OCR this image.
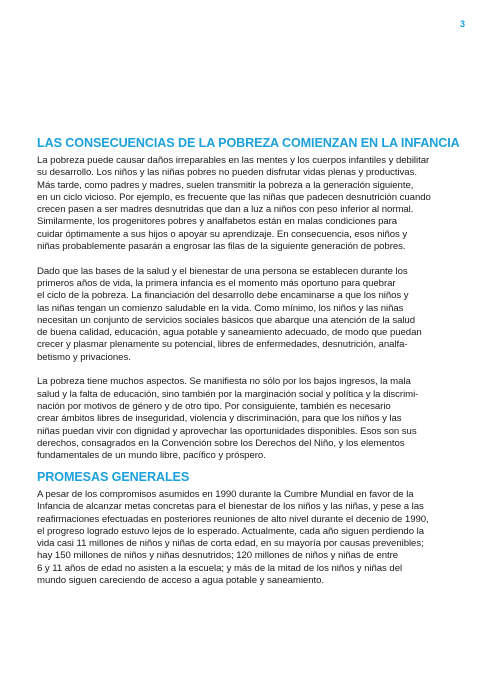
3
LAS CONSECUENCIAS DE LA POBREZA COMIENZAN EN LA INFANCIA
La pobreza puede causar daños irreparables en las mentes y los cuerpos infantiles y debilitar
su desarrollo. Los niños y las niñas pobres no pueden disfrutar vidas plenas y productivas.
Más tarde, como padres y madres, suelen transmitir la pobreza a la generación siguiente,
en un ciclo vicioso. Por ejemplo, es frecuente que las niñas que padecen desnutrición cuando
crecen pasen a ser madres desnutridas que dan a luz a niños con peso inferior al normal.
Similarmente, los progenitores pobres y analfabetos están en malas condiciones para
cuidar óptimamente a sus hijos o apoyar su aprendizaje. En consecuencia, esos niños y
niñas probablemente pasarán a engrosar las filas de la siguiente generación de pobres.
Dado que las bases de la salud y el bienestar de una persona se establecen durante los
primeros años de vida, la primera infancia es el momento más oportuno para quebrar
el ciclo de la pobreza. La financiación del desarrollo debe encaminarse a que los niños y
las niñas tengan un comienzo saludable en la vida. Como mínimo, los niños y las niñas
necesitan un conjunto de servicios sociales básicos que abarque una atención de la salud
de buena calidad, educación, agua potable y saneamiento adecuado, de modo que puedan
crecer y plasmar plenamente su potencial, libres de enfermedades, desnutrición, analfa-
betismo y privaciones.
La pobreza tiene muchos aspectos. Se manifiesta no sólo por los bajos ingresos, la mala
salud y la falta de educación, sino también por la marginación social y política y la discrimi-
nación por motivos de género y de otro tipo. Por consiguiente, también es necesario
crear ámbitos libres de inseguridad, violencia y discriminación, para que los niños y las
niñas puedan vivir con dignidad y aprovechar las oportunidades disponibles. Esos son sus
derechos, consagrados en la Convención sobre los Derechos del Niño, y los elementos
fundamentales de un mundo libre, pacífico y próspero.
PROMESAS GENERALES
A pesar de los compromisos asumidos en 1990 durante la Cumbre Mundial en favor de la
Infancia de alcanzar metas concretas para el bienestar de los niños y las niñas, y pese a las
reafirmaciones efectuadas en posteriores reuniones de alto nivel durante el decenio de 1990,
el progreso logrado estuvo lejos de lo esperado. Actualmente, cada año siguen perdiendo la
vida casi 11 millones de niños y niñas de corta edad, en su mayoría por causas prevenibles;
hay 150 millones de niños y niñas desnutridos; 120 millones de niños y niñas de entre
6 y 11 años de edad no asisten a la escuela; y más de la mitad de los niños y niñas del
mundo siguen careciendo de acceso a agua potable y saneamiento.
